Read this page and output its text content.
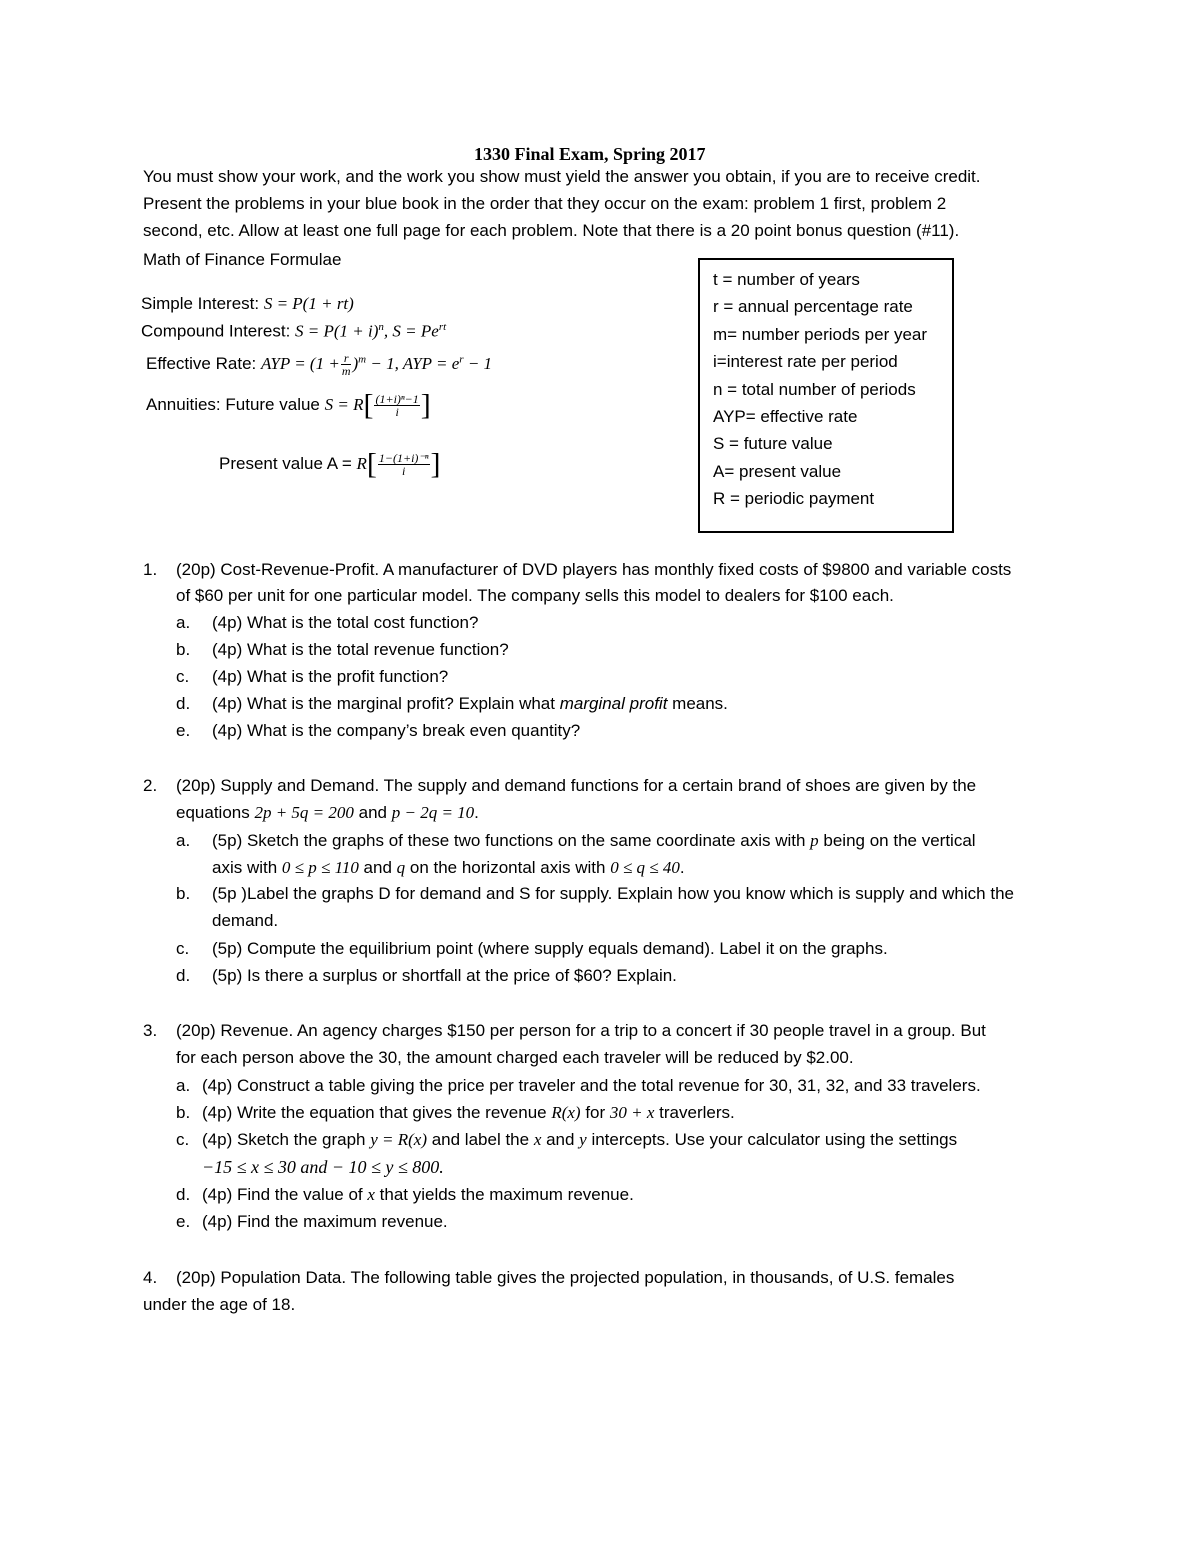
1330 Final Exam, Spring 2017
You must show your work, and the work you show must yield the answer you obtain, if you are to receive credit.
Present the problems in your blue book in the order that they occur on the exam: problem 1 first, problem 2
second, etc. Allow at least one full page for each problem. Note that there is a 20 point bonus question (#11).
Math of Finance Formulae
Simple Interest: S = P(1 + rt)
Compound Interest: $S = P(1 + i)^n$, $S = Pe^{rt}$
Effective Rate: AYP = $(1 + \frac{r}{m} )^m - 1$, AYP = $e^r - 1$
Annuities: Future value $S = R[ \frac{\text{(1+i)ⁿ−1}}{i}$ ]
Present value $A = R[ \frac{\text{1−(1+i)⁻ⁿ}}{i}$ ]
t = number of years
r = annual percentage rate
m= number periods per year
i=interest rate per period
n = total number of periods
AYP= effective rate
S = future value
A= present value
R = periodic payment
1. (20p) Cost-Revenue-Profit. A manufacturer of DVD players has monthly fixed costs of $9800 and variable costs
of $60 per unit for one particular model. The company sells this model to dealers for $100 each.
a. (4p) What is the total cost function?
b. (4p) What is the total revenue function?
c. (4p) What is the profit function?
d. (4p) What is the marginal profit? Explain what marginal profit means.
e. (4p) What is the company’s break even quantity?
2. (20p) Supply and Demand. The supply and demand functions for a certain brand of shoes are given by the
equations 2p + 5q = 200 and p − 2q = 10.
a. (5p) Sketch the graphs of these two functions on the same coordinate axis with p being on the vertical
axis with 0 ≤ p ≤ 110 and q on the horizontal axis with 0 ≤ q ≤ 40.
b. (5p )Label the graphs D for demand and S for supply. Explain how you know which is supply and which the
demand.
c. (5p) Compute the equilibrium point (where supply equals demand). Label it on the graphs.
d. (5p) Is there a surplus or shortfall at the price of $60? Explain.
3. (20p) Revenue. An agency charges $150 per person for a trip to a concert if 30 people travel in a group. But
for each person above the 30, the amount charged each traveler will be reduced by $2.00.
a. (4p) Construct a table giving the price per traveler and the total revenue for 30, 31, 32, and 33 travelers.
b. (4p) Write the equation that gives the revenue R(x) for 30 + x traverlers.
c. (4p) Sketch the graph y = R(x) and label the x and y intercepts. Use your calculator using the settings
−15 ≤ x ≤ 30 and − 10 ≤ y ≤ 800.
d. (4p) Find the value of x that yields the maximum revenue.
e. (4p) Find the maximum revenue.
4. (20p) Population Data. The following table gives the projected population, in thousands, of U.S. females
under the age of 18.
